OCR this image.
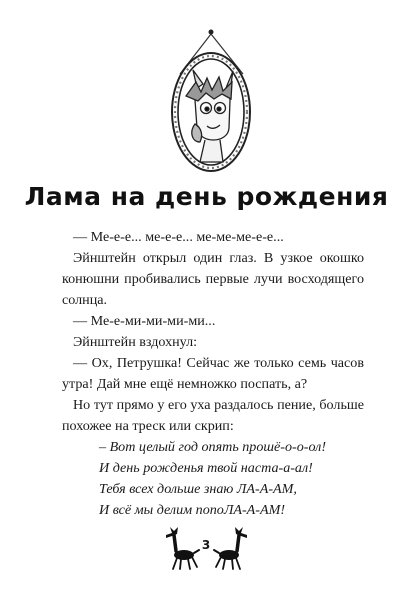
Лама на день рождения

— Ме-е-е... ме-е-е... ме-ме-ме-е-е...

Эйнштейн открыл один глаз. В узкое окошко конюшни пробивались первые лучи восходящего солнца.

— Ме-е-ми-ми-ми-ми...

Эйнштейн вздохнул:

— Ох, Петрушка! Сейчас же только семь часов утра! Дай мне ещё немножко поспать, а?

Но тут прямо у его уха раздалось пение, больше похожее на треск или скрип:

– Вот целый год опять прошё-о-о-ол!
И день рожденья твой наста-а-ал!
Тебя всех дольше знаю ЛА-А-АМ,
И всё мы делим попоЛА-А-АМ!
3
